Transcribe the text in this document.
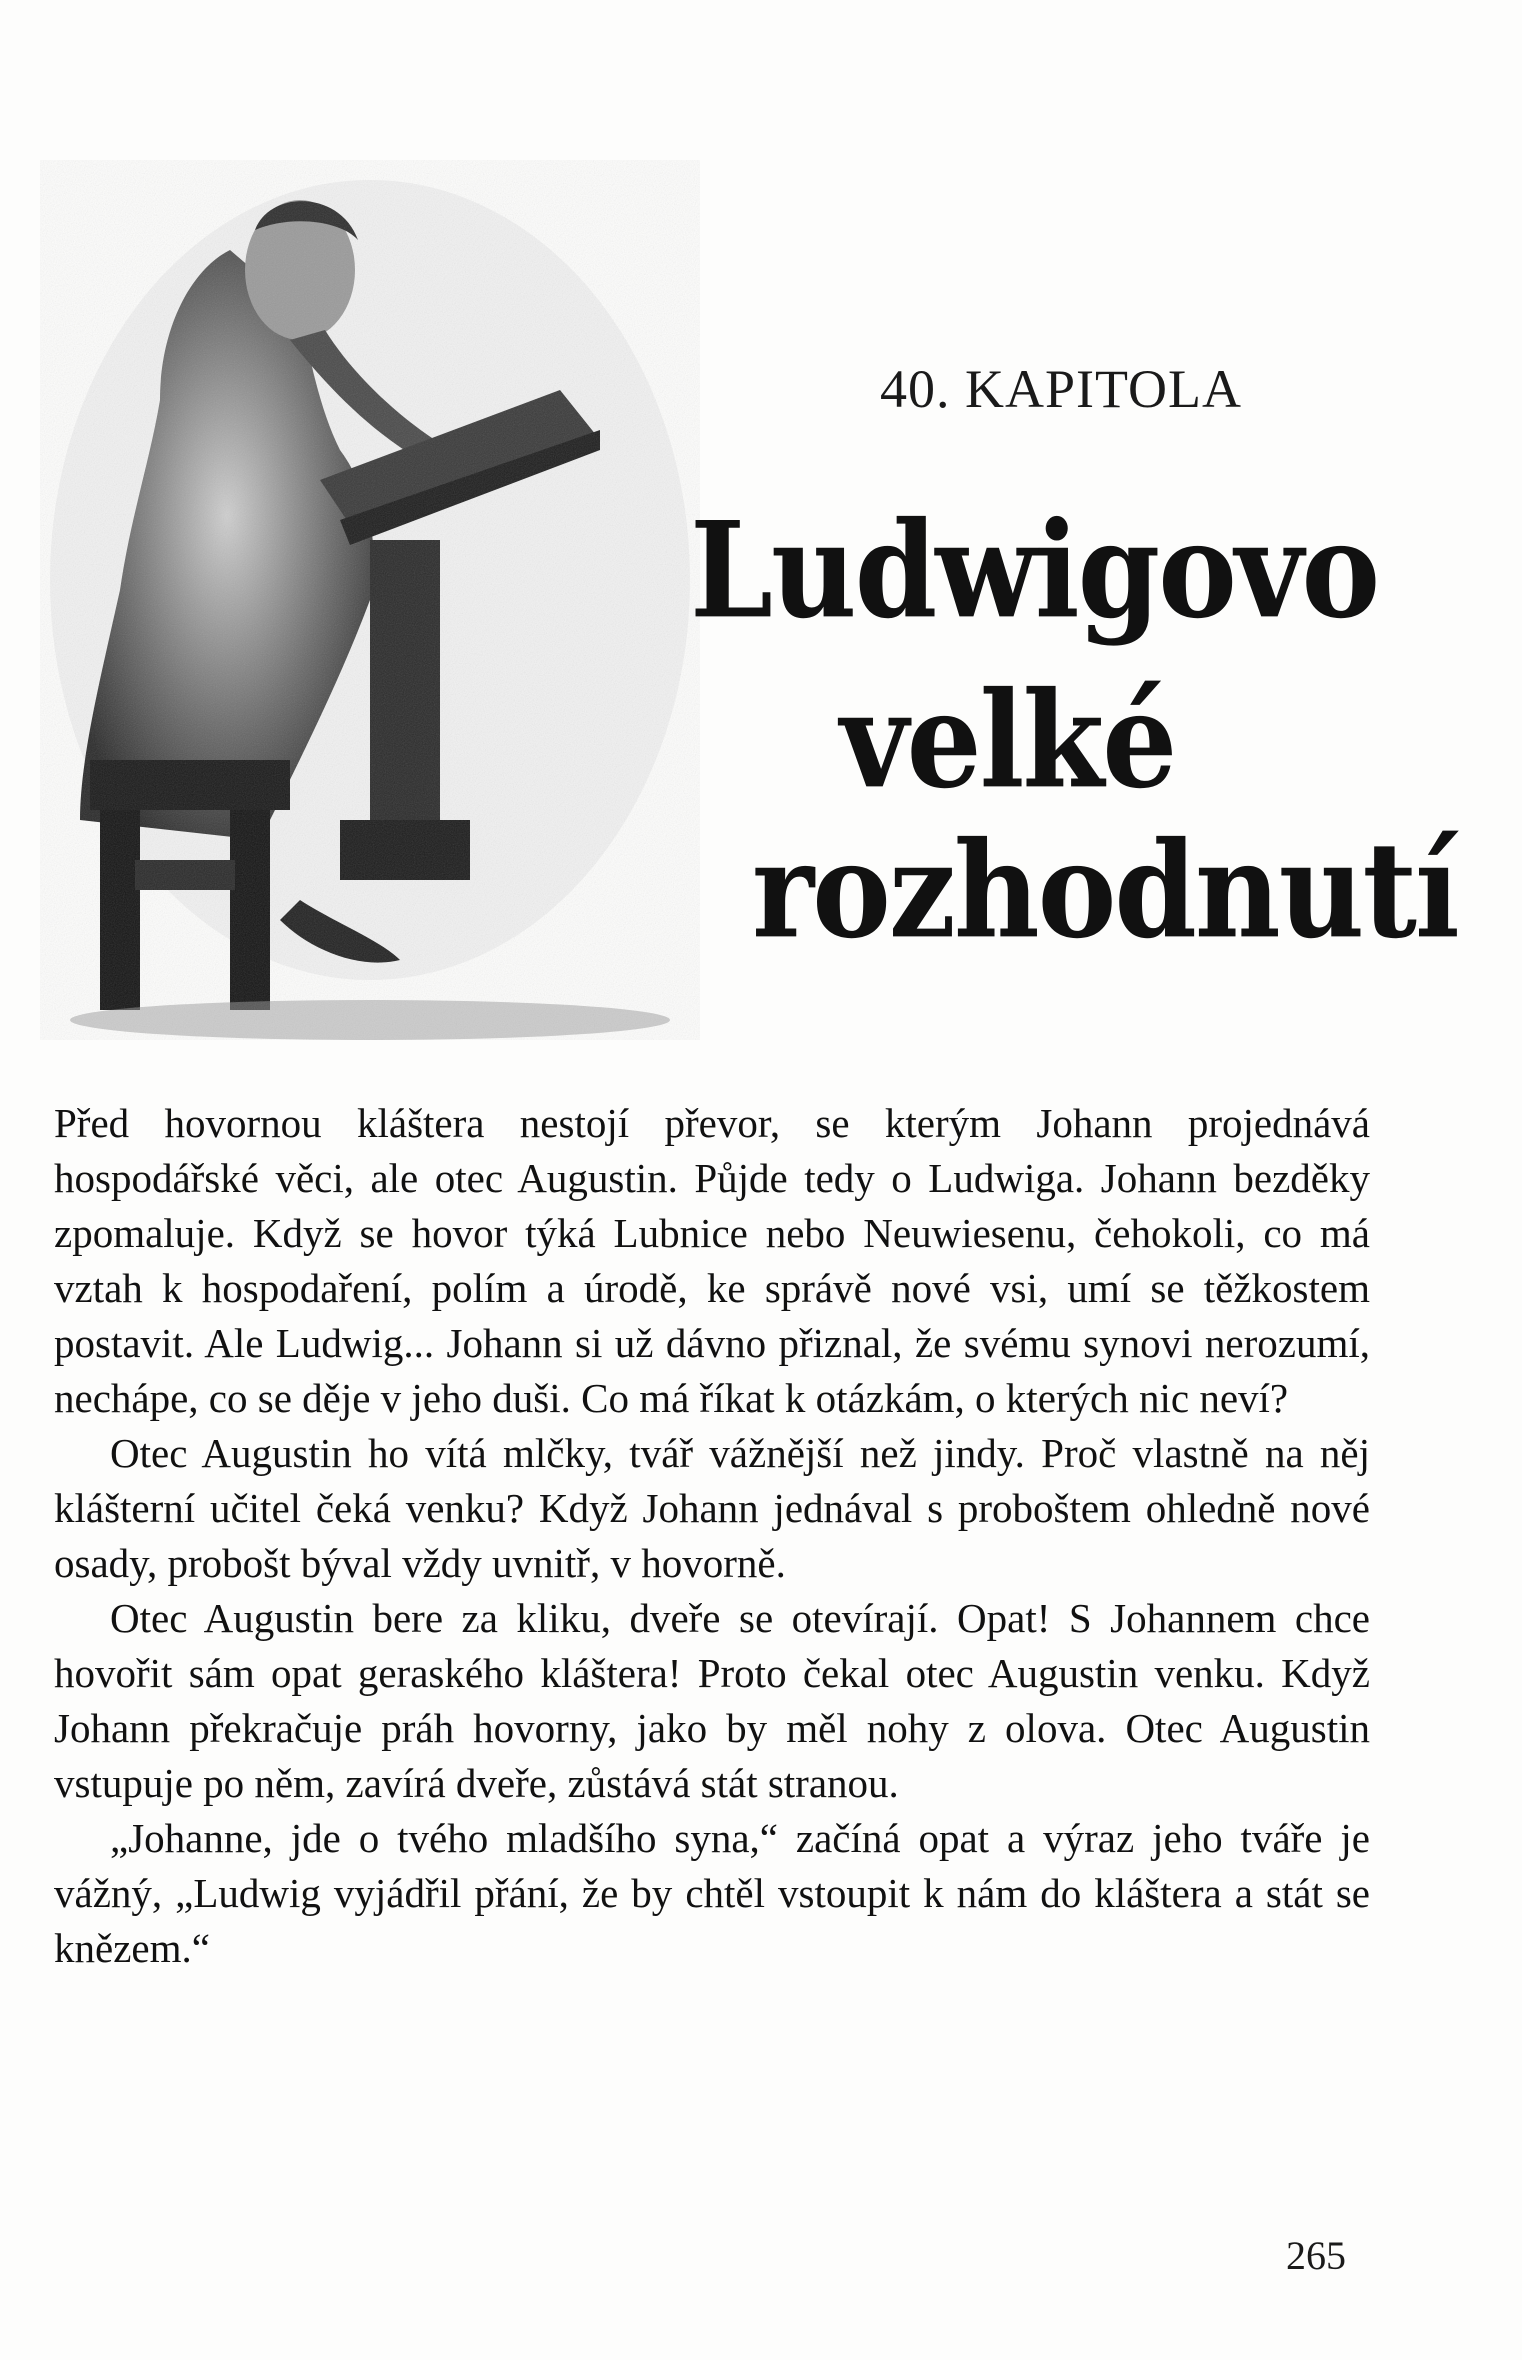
40. KAPITOLA
Ludwigovo
velké
rozhodnutí

Před hovornou kláštera nestojí převor, se kterým Johann projednává hospodářské věci, ale otec Augustin. Půjde tedy o Ludwiga. Johann bezděky zpomaluje. Když se hovor týká Lubnice nebo Neuwiesenu, čehokoli, co má vztah k hospodaření, polím a úrodě, ke správě nové vsi, umí se těžkostem postavit. Ale Ludwig... Johann si už dávno přiznal, že svému synovi nerozumí, nechápe, co se děje v jeho duši. Co má říkat k otázkám, o kterých nic neví?

Otec Augustin ho vítá mlčky, tvář vážnější než jindy. Proč vlastně na něj klášterní učitel čeká venku? Když Johann jednával s proboštem ohledně nové osady, probošt býval vždy uvnitř, v hovorně.

Otec Augustin bere za kliku, dveře se otevírají. Opat! S Johannem chce hovořit sám opat geraského kláštera! Proto čekal otec Augustin venku. Když Johann překračuje práh hovorny, jako by měl nohy z olova. Otec Augustin vstupuje po něm, zavírá dveře, zůstává stát stranou.

„Johanne, jde o tvého mladšího syna,“ začíná opat a výraz jeho tváře je vážný, „Ludwig vyjádřil přání, že by chtěl vstoupit k nám do kláštera a stát se knězem.“

265
